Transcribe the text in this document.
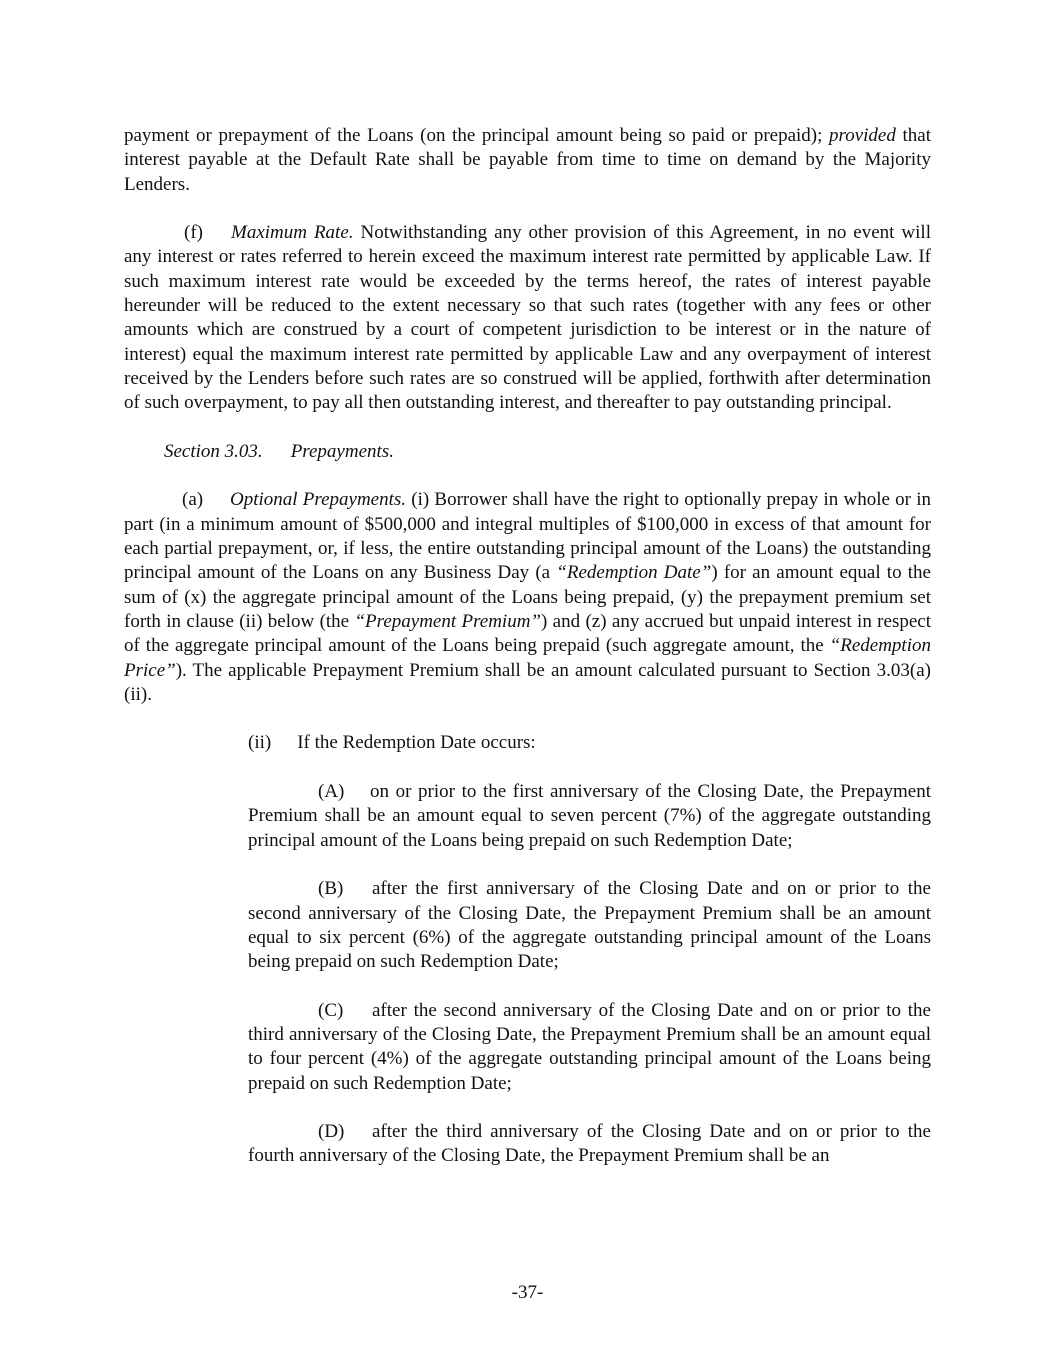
payment or prepayment of the Loans (on the principal amount being so paid or prepaid); provided that interest payable at the Default Rate shall be payable from time to time on demand by the Majority Lenders.

(f) Maximum Rate. Notwithstanding any other provision of this Agreement, in no event will any interest or rates referred to herein exceed the maximum interest rate permitted by applicable Law. If such maximum interest rate would be exceeded by the terms hereof, the rates of interest payable hereunder will be reduced to the extent necessary so that such rates (together with any fees or other amounts which are construed by a court of competent jurisdiction to be interest or in the nature of interest) equal the maximum interest rate permitted by applicable Law and any overpayment of interest received by the Lenders before such rates are so construed will be applied, forthwith after determination of such overpayment, to pay all then outstanding interest, and thereafter to pay outstanding principal.

Section 3.03. Prepayments.

(a) Optional Prepayments. (i) Borrower shall have the right to optionally prepay in whole or in part (in a minimum amount of $500,000 and integral multiples of $100,000 in excess of that amount for each partial prepayment, or, if less, the entire outstanding principal amount of the Loans) the outstanding principal amount of the Loans on any Business Day (a “Redemption Date”) for an amount equal to the sum of (x) the aggregate principal amount of the Loans being prepaid, (y) the prepayment premium set forth in clause (ii) below (the “Prepayment Premium”) and (z) any accrued but unpaid interest in respect of the aggregate principal amount of the Loans being prepaid (such aggregate amount, the “Redemption Price”). The applicable Prepayment Premium shall be an amount calculated pursuant to Section 3.03(a)(ii).

(ii) If the Redemption Date occurs:

(A) on or prior to the first anniversary of the Closing Date, the Prepayment Premium shall be an amount equal to seven percent (7%) of the aggregate outstanding principal amount of the Loans being prepaid on such Redemption Date;

(B) after the first anniversary of the Closing Date and on or prior to the second anniversary of the Closing Date, the Prepayment Premium shall be an amount equal to six percent (6%) of the aggregate outstanding principal amount of the Loans being prepaid on such Redemption Date;

(C) after the second anniversary of the Closing Date and on or prior to the third anniversary of the Closing Date, the Prepayment Premium shall be an amount equal to four percent (4%) of the aggregate outstanding principal amount of the Loans being prepaid on such Redemption Date;

(D) after the third anniversary of the Closing Date and on or prior to the fourth anniversary of the Closing Date, the Prepayment Premium shall be an

-37-
